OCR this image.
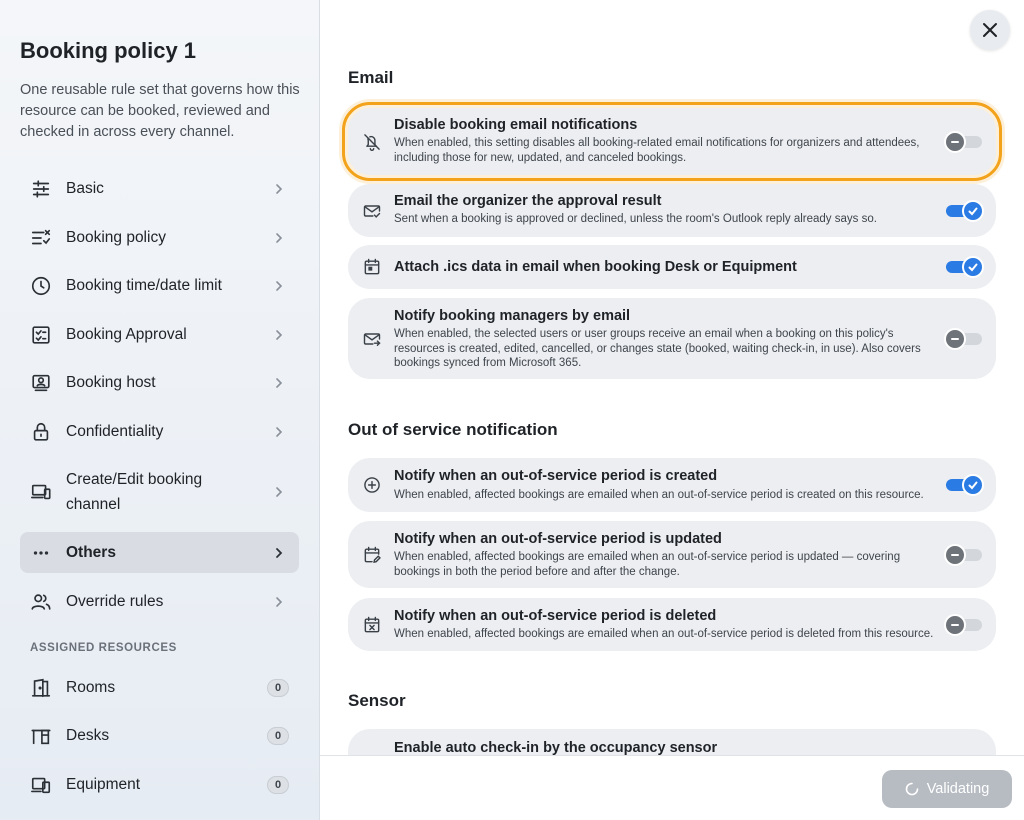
Booking policy 1

One reusable rule set that governs how this resource can be booked, reviewed and checked in across every channel.

Basic
Booking policy
Booking time/date limit
Booking Approval
Booking host
Confidentiality
Create/Edit booking channel
Others
Override rules
ASSIGNED RESOURCES
Rooms	0
Desks	0
Equipment	0
Email
Disable booking email notifications
When enabled, this setting disables all booking-related email notifications for organizers and attendees, including those for new, updated, and canceled bookings.
Email the organizer the approval result
Sent when a booking is approved or declined, unless the room's Outlook reply already says so.
Attach .ics data in email when booking Desk or Equipment
Notify booking managers by email
When enabled, the selected users or user groups receive an email when a booking on this policy's resources is created, edited, cancelled, or changes state (booked, waiting check-in, in use). Also covers bookings synced from Microsoft 365.
Out of service notification
Notify when an out-of-service period is created
When enabled, affected bookings are emailed when an out-of-service period is created on this resource.
Notify when an out-of-service period is updated
When enabled, affected bookings are emailed when an out-of-service period is updated — covering bookings in both the period before and after the change.
Notify when an out-of-service period is deleted
When enabled, affected bookings are emailed when an out-of-service period is deleted from this resource.
Sensor
Enable auto check-in by the occupancy sensor
Validating
